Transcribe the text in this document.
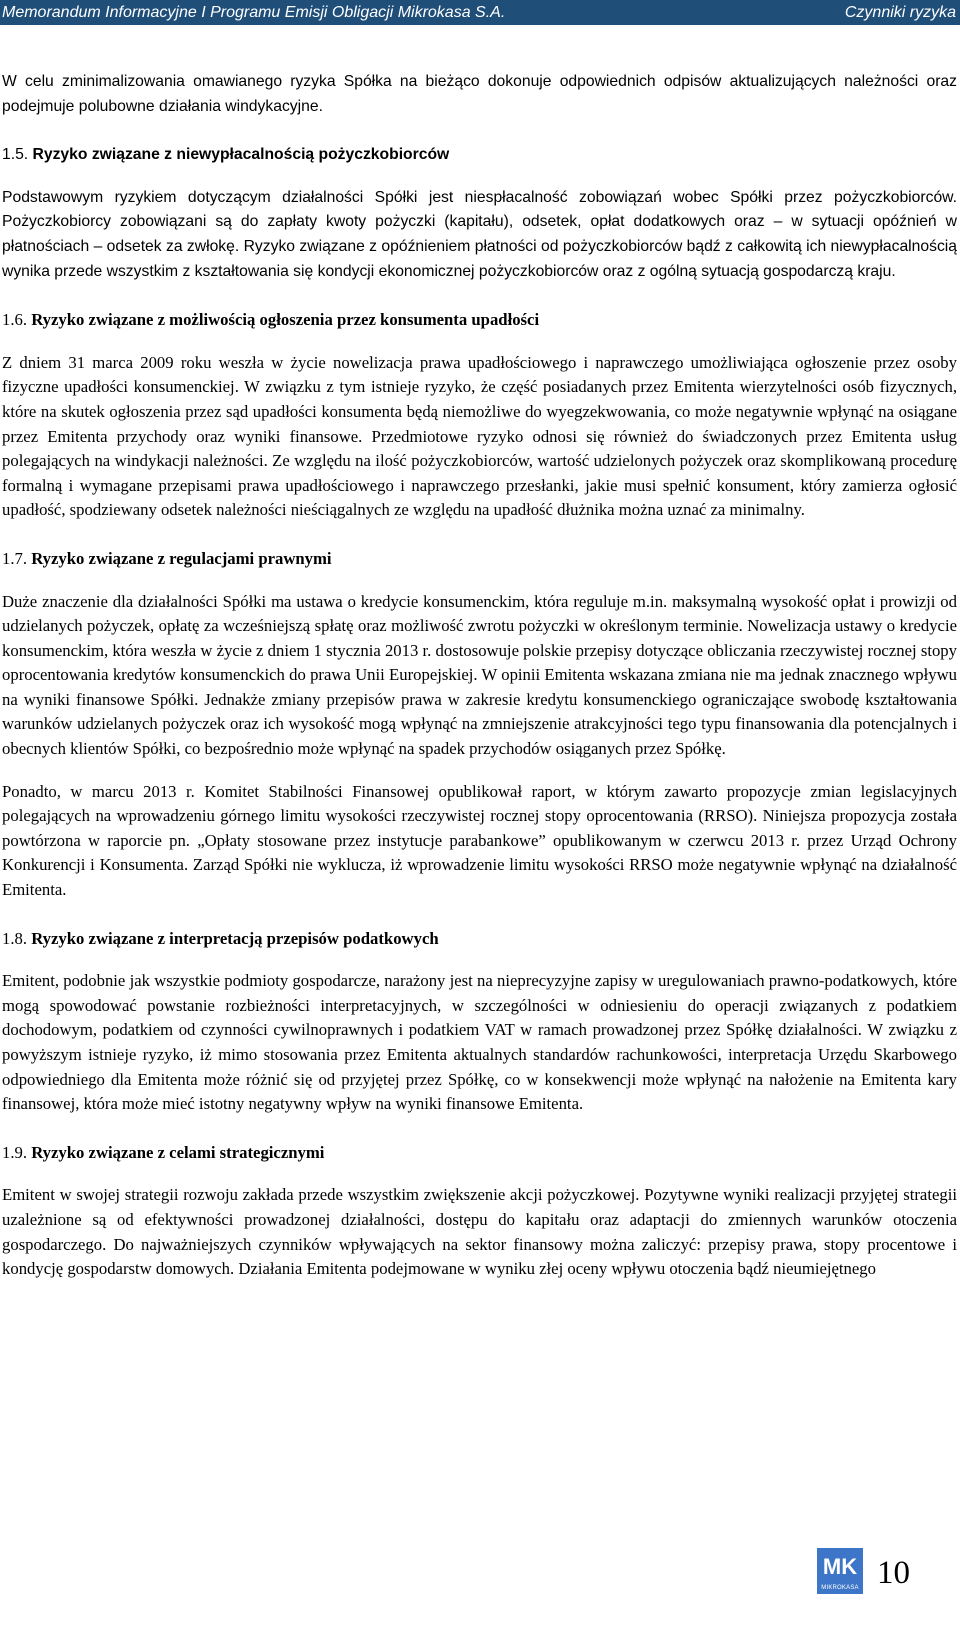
Memorandum Informacyjne I Programu Emisji Obligacji Mikrokasa S.A.	Czynniki ryzyka

W celu zminimalizowania omawianego ryzyka Spółka na bieżąco dokonuje odpowiednich odpisów aktualizujących należności oraz podejmuje polubowne działania windykacyjne.

1.5. Ryzyko związane z niewypłacalnością pożyczkobiorców

Podstawowym ryzykiem dotyczącym działalności Spółki jest niespłacalność zobowiązań wobec Spółki przez pożyczkobiorców. Pożyczkobiorcy zobowiązani są do zapłaty kwoty pożyczki (kapitału), odsetek, opłat dodatkowych oraz – w sytuacji opóźnień w płatnościach – odsetek za zwłokę. Ryzyko związane z opóźnieniem płatności od pożyczkobiorców bądź z całkowitą ich niewypłacalnością wynika przede wszystkim z kształtowania się kondycji ekonomicznej pożyczkobiorców oraz z ogólną sytuacją gospodarczą kraju.

1.6. Ryzyko związane z możliwością ogłoszenia przez konsumenta upadłości

Z dniem 31 marca 2009 roku weszła w życie nowelizacja prawa upadłościowego i naprawczego umożliwiająca ogłoszenie przez osoby fizyczne upadłości konsumenckiej. W związku z tym istnieje ryzyko, że część posiadanych przez Emitenta wierzytelności osób fizycznych, które na skutek ogłoszenia przez sąd upadłości konsumenta będą niemożliwe do wyegzekwowania, co może negatywnie wpłynąć na osiągane przez Emitenta przychody oraz wyniki finansowe. Przedmiotowe ryzyko odnosi się również do świadczonych przez Emitenta usług polegających na windykacji należności. Ze względu na ilość pożyczkobiorców, wartość udzielonych pożyczek oraz skomplikowaną procedurę formalną i wymagane przepisami prawa upadłościowego i naprawczego przesłanki, jakie musi spełnić konsument, który zamierza ogłosić upadłość, spodziewany odsetek należności nieściągalnych ze względu na upadłość dłużnika można uznać za minimalny.

1.7. Ryzyko związane z regulacjami prawnymi

Duże znaczenie dla działalności Spółki ma ustawa o kredycie konsumenckim, która reguluje m.in. maksymalną wysokość opłat i prowizji od udzielanych pożyczek, opłatę za wcześniejszą spłatę oraz możliwość zwrotu pożyczki w określonym terminie. Nowelizacja ustawy o kredycie konsumenckim, która weszła w życie z dniem 1 stycznia 2013 r. dostosowuje polskie przepisy dotyczące obliczania rzeczywistej rocznej stopy oprocentowania kredytów konsumenckich do prawa Unii Europejskiej. W opinii Emitenta wskazana zmiana nie ma jednak znacznego wpływu na wyniki finansowe Spółki. Jednakże zmiany przepisów prawa w zakresie kredytu konsumenckiego ograniczające swobodę kształtowania warunków udzielanych pożyczek oraz ich wysokość mogą wpłynąć na zmniejszenie atrakcyjności tego typu finansowania dla potencjalnych i obecnych klientów Spółki, co bezpośrednio może wpłynąć na spadek przychodów osiąganych przez Spółkę.

Ponadto, w marcu 2013 r. Komitet Stabilności Finansowej opublikował raport, w którym zawarto propozycje zmian legislacyjnych polegających na wprowadzeniu górnego limitu wysokości rzeczywistej rocznej stopy oprocentowania (RRSO). Niniejsza propozycja została powtórzona w raporcie pn. „Opłaty stosowane przez instytucje parabankowe” opublikowanym w czerwcu 2013 r. przez Urząd Ochrony Konkurencji i Konsumenta. Zarząd Spółki nie wyklucza, iż wprowadzenie limitu wysokości RRSO może negatywnie wpłynąć na działalność Emitenta.

1.8. Ryzyko związane z interpretacją przepisów podatkowych

Emitent, podobnie jak wszystkie podmioty gospodarcze, narażony jest na nieprecyzyjne zapisy w uregulowaniach prawno-podatkowych, które mogą spowodować powstanie rozbieżności interpretacyjnych, w szczególności w odniesieniu do operacji związanych z podatkiem dochodowym, podatkiem od czynności cywilnoprawnych i podatkiem VAT w ramach prowadzonej przez Spółkę działalności. W związku z powyższym istnieje ryzyko, iż mimo stosowania przez Emitenta aktualnych standardów rachunkowości, interpretacja Urzędu Skarbowego odpowiedniego dla Emitenta może różnić się od przyjętej przez Spółkę, co w konsekwencji może wpłynąć na nałożenie na Emitenta kary finansowej, która może mieć istotny negatywny wpływ na wyniki finansowe Emitenta.

1.9. Ryzyko związane z celami strategicznymi

Emitent w swojej strategii rozwoju zakłada przede wszystkim zwiększenie akcji pożyczkowej. Pozytywne wyniki realizacji przyjętej strategii uzależnione są od efektywności prowadzonej działalności, dostępu do kapitału oraz adaptacji do zmiennych warunków otoczenia gospodarczego. Do najważniejszych czynników wpływających na sektor finansowy można zaliczyć: przepisy prawa, stopy procentowe i kondycję gospodarstw domowych. Działania Emitenta podejmowane w wyniku złej oceny wpływu otoczenia bądź nieumiejętnego

MK
MIKROKASA 10
